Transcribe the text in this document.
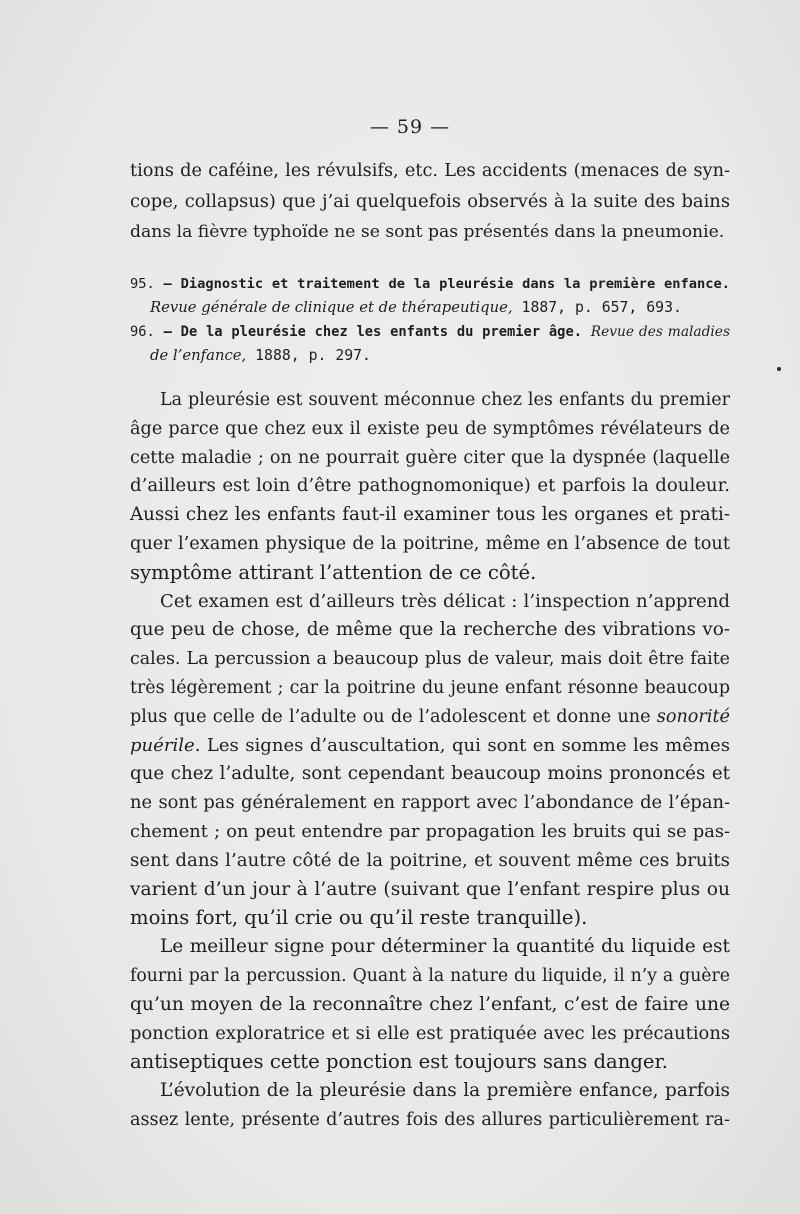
— 59 —
tions de caféine, les révulsifs, etc. Les accidents (menaces de syn-
cope, collapsus) que j’ai quelquefois observés à la suite des bains
dans la fièvre typhoïde ne se sont pas présentés dans la pneumonie.
95. — Diagnostic et traitement de la pleurésie dans la première enfance.
Revue générale de clinique et de thérapeutique, 1887, p. 657, 693.
96. — De la pleurésie chez les enfants du premier âge. Revue des maladies
de l’enfance, 1888, p. 297.
La pleurésie est souvent méconnue chez les enfants du premier
âge parce que chez eux il existe peu de symptômes révélateurs de
cette maladie ; on ne pourrait guère citer que la dyspnée (laquelle
d’ailleurs est loin d’être pathognomonique) et parfois la douleur.
Aussi chez les enfants faut-il examiner tous les organes et prati-
quer l’examen physique de la poitrine, même en l’absence de tout
symptôme attirant l’attention de ce côté.
Cet examen est d’ailleurs très délicat : l’inspection n’apprend
que peu de chose, de même que la recherche des vibrations vo-
cales. La percussion a beaucoup plus de valeur, mais doit être faite
très légèrement ; car la poitrine du jeune enfant résonne beaucoup
plus que celle de l’adulte ou de l’adolescent et donne une sonorité
puérile. Les signes d’auscultation, qui sont en somme les mêmes
que chez l’adulte, sont cependant beaucoup moins prononcés et
ne sont pas généralement en rapport avec l’abondance de l’épan-
chement ; on peut entendre par propagation les bruits qui se pas-
sent dans l’autre côté de la poitrine, et souvent même ces bruits
varient d’un jour à l’autre (suivant que l’enfant respire plus ou
moins fort, qu’il crie ou qu’il reste tranquille).
Le meilleur signe pour déterminer la quantité du liquide est
fourni par la percussion. Quant à la nature du liquide, il n’y a guère
qu’un moyen de la reconnaître chez l’enfant, c’est de faire une
ponction exploratrice et si elle est pratiquée avec les précautions
antiseptiques cette ponction est toujours sans danger.
L’évolution de la pleurésie dans la première enfance, parfois
assez lente, présente d’autres fois des allures particulièrement ra-
